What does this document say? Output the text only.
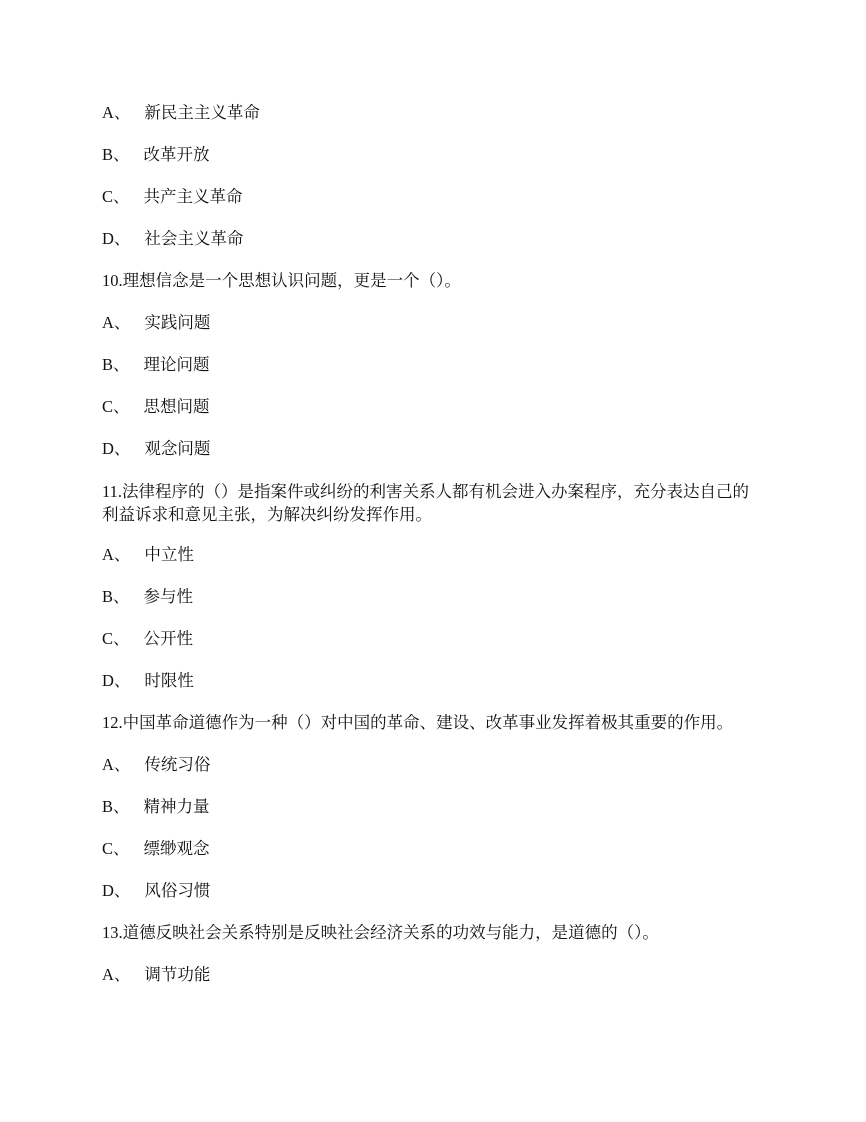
A、 新民主主义革命
B、 改革开放
C、 共产主义革命
D、 社会主义革命
10.理想信念是一个思想认识问题，更是一个（）。
A、 实践问题
B、 理论问题
C、 思想问题
D、 观念问题
11.法律程序的（）是指案件或纠纷的利害关系人都有机会进入办案程序，充分表达自己的利益诉求和意见主张，为解决纠纷发挥作用。
A、 中立性
B、 参与性
C、 公开性
D、 时限性
12.中国革命道德作为一种（）对中国的革命、建设、改革事业发挥着极其重要的作用。
A、 传统习俗
B、 精神力量
C、 缥缈观念
D、 风俗习惯
13.道德反映社会关系特别是反映社会经济关系的功效与能力，是道德的（）。
A、 调节功能
